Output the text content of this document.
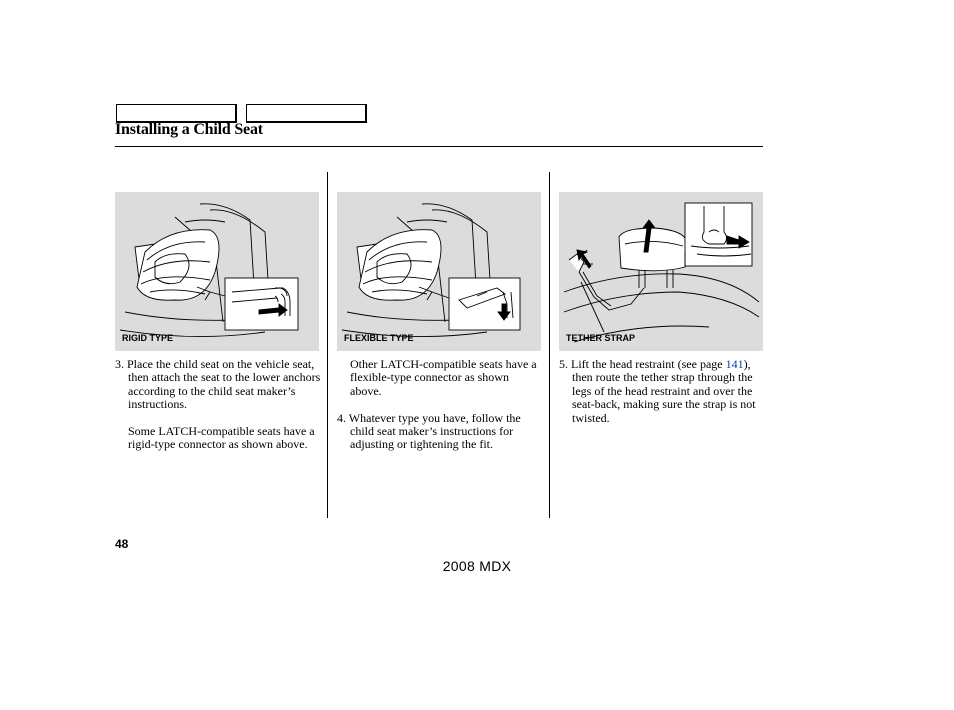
Installing a Child Seat
RIGID TYPE	FLEXIBLE TYPE	TETHER STRAP

3. Place the child seat on the vehicle seat, then attach the seat to the lower anchors according to the child seat maker’s instructions.

Some LATCH-compatible seats have a rigid-type connector as shown above.

Other LATCH-compatible seats have a flexible-type connector as shown above.

4. Whatever type you have, follow the child seat maker’s instructions for adjusting or tightening the fit.

5. Lift the head restraint (see page 141), then route the tether strap through the legs of the head restraint and over the seat-back, making sure the strap is not twisted.

48
2008 MDX
